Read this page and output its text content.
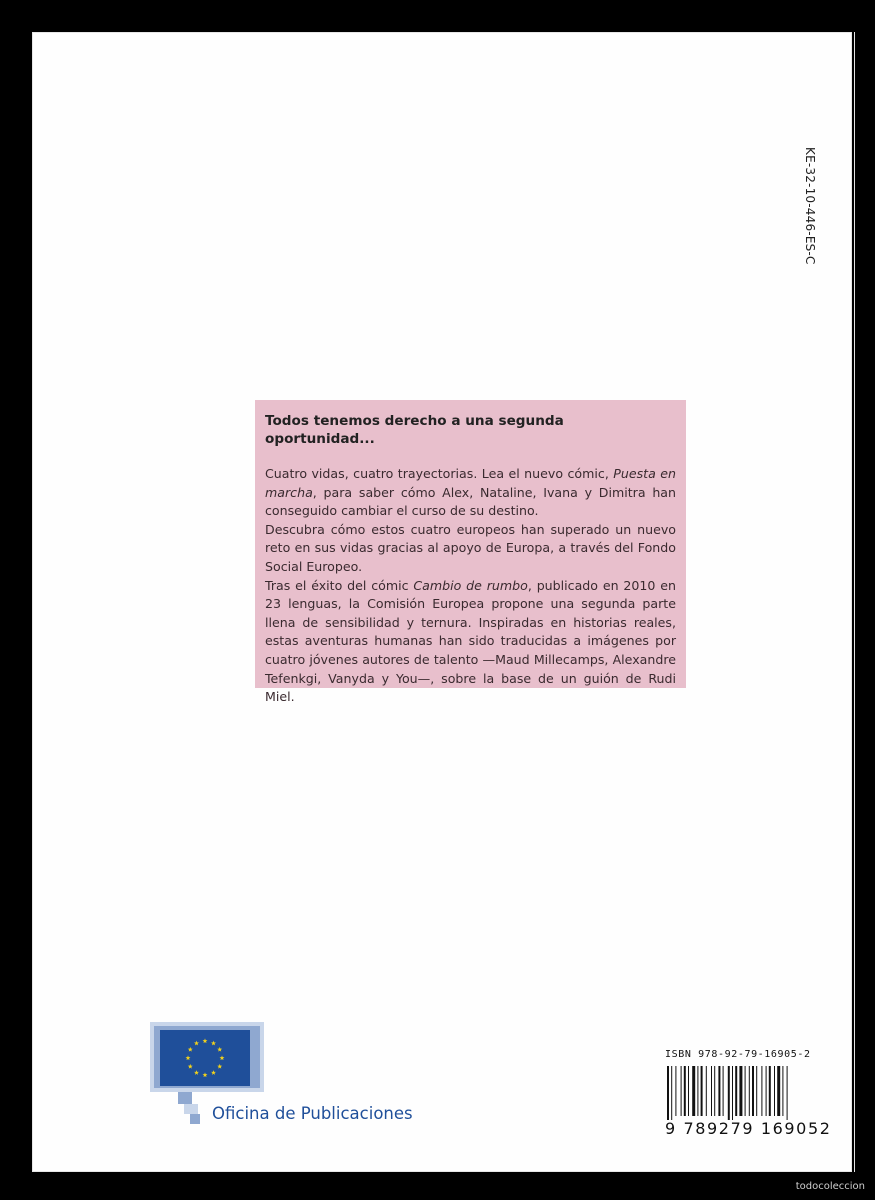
KE-32-10-446-ES-C
Todos tenemos derecho a una segunda oportunidad...

Cuatro vidas, cuatro trayectorias. Lea el nuevo cómic, Puesta en marcha, para saber cómo Alex, Nataline, Ivana y Dimitra han conseguido cambiar el curso de su destino.

Descubra cómo estos cuatro europeos han superado un nuevo reto en sus vidas gracias al apoyo de Europa, a través del Fondo Social Europeo.

Tras el éxito del cómic Cambio de rumbo, publicado en 2010 en 23 lenguas, la Comisión Europea propone una segunda parte llena de sensibilidad y ternura. Inspiradas en historias reales, estas aventuras humanas han sido traducidas a imágenes por cuatro jóvenes autores de talento —Maud Millecamps, Alexandre Tefenkgi, Vanyda y You—, sobre la base de un guión de Rudi Miel.

Oficina de Publicaciones
ISBN 978-92-79-16905-2
9 789279 169052
todocoleccion
